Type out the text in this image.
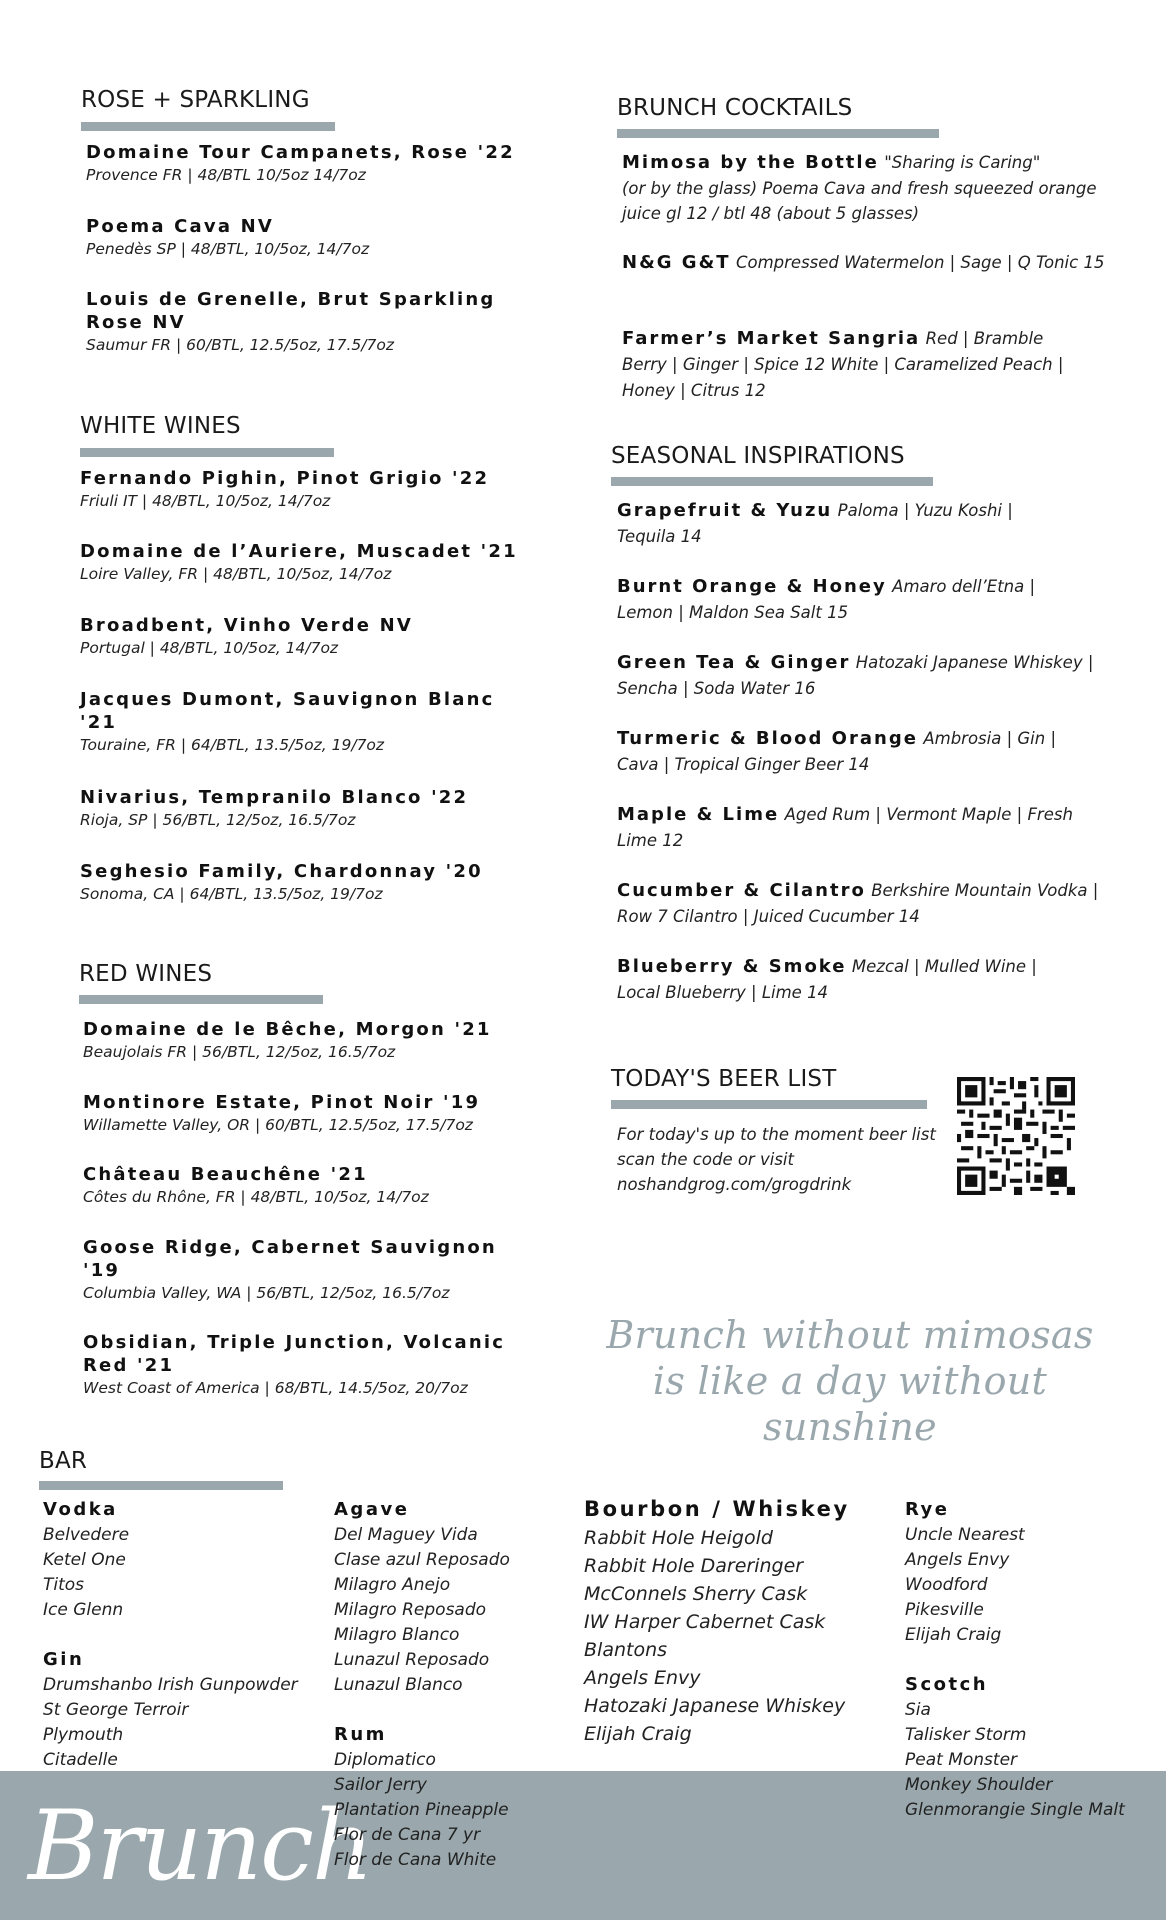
ROSE + SPARKLING
Domaine Tour Campanets, Rose '22
Provence FR | 48/BTL 10/5oz 14/7oz
Poema Cava NV
Penedès SP | 48/BTL, 10/5oz, 14/7oz
Louis de Grenelle, Brut Sparkling Rose NV
Saumur FR | 60/BTL, 12.5/5oz, 17.5/7oz
WHITE WINES
Fernando Pighin, Pinot Grigio '22
Friuli IT | 48/BTL, 10/5oz, 14/7oz
Domaine de l’Auriere, Muscadet '21
Loire Valley, FR | 48/BTL, 10/5oz, 14/7oz
Broadbent, Vinho Verde NV
Portugal | 48/BTL, 10/5oz, 14/7oz
Jacques Dumont, Sauvignon Blanc '21
Touraine, FR | 64/BTL, 13.5/5oz, 19/7oz
Nivarius, Tempranilo Blanco '22
Rioja, SP | 56/BTL, 12/5oz, 16.5/7oz
Seghesio Family, Chardonnay '20
Sonoma, CA | 64/BTL, 13.5/5oz, 19/7oz
RED WINES
Domaine de le Bêche, Morgon '21
Beaujolais FR | 56/BTL, 12/5oz, 16.5/7oz
Montinore Estate, Pinot Noir '19
Willamette Valley, OR | 60/BTL, 12.5/5oz, 17.5/7oz
Château Beauchêne '21
Côtes du Rhône, FR | 48/BTL, 10/5oz, 14/7oz
Goose Ridge, Cabernet Sauvignon '19
Columbia Valley, WA | 56/BTL, 12/5oz, 16.5/7oz
Obsidian, Triple Junction, Volcanic Red '21
West Coast of America | 68/BTL, 14.5/5oz, 20/7oz
BRUNCH COCKTAILS
Mimosa by the Bottle "Sharing is Caring"
(or by the glass) Poema Cava and fresh squeezed orange juice gl 12 / btl 48 (about 5 glasses)
N&G G&T Compressed Watermelon | Sage | Q Tonic 15
Farmer’s Market Sangria Red | Bramble Berry | Ginger | Spice 12 White | Caramelized Peach | Honey | Citrus 12
SEASONAL INSPIRATIONS
Grapefruit & Yuzu Paloma | Yuzu Koshi | Tequila 14
Burnt Orange & Honey Amaro dell’Etna | Lemon | Maldon Sea Salt 15
Green Tea & Ginger Hatozaki Japanese Whiskey | Sencha | Soda Water 16
Turmeric & Blood Orange Ambrosia | Gin | Cava | Tropical Ginger Beer 14
Maple & Lime Aged Rum | Vermont Maple | Fresh Lime 12
Cucumber & Cilantro Berkshire Mountain Vodka | Row 7 Cilantro | Juiced Cucumber 14
Blueberry & Smoke Mezcal | Mulled Wine | Local Blueberry | Lime 14
TODAY'S BEER LIST
For today's up to the moment beer list
scan the code or visit
noshandgrog.com/grogdrink
Brunch without mimosas
is like a day without sunshine
Brunch
BAR
Vodka
Belvedere
Ketel One
Titos
Ice Glenn
Gin
Drumshanbo Irish Gunpowder
St George Terroir
Plymouth
Citadelle
Agave
Del Maguey Vida
Clase azul Reposado
Milagro Anejo
Milagro Reposado
Milagro Blanco
Lunazul Reposado
Lunazul Blanco
Rum
Diplomatico
Sailor Jerry
Plantation Pineapple
Flor de Cana 7 yr
Flor de Cana White
Bourbon / Whiskey
Rabbit Hole Heigold
Rabbit Hole Dareringer
McConnels Sherry Cask
IW Harper Cabernet Cask
Blantons
Angels Envy
Hatozaki Japanese Whiskey
Elijah Craig
Rye
Uncle Nearest
Angels Envy
Woodford
Pikesville
Elijah Craig
Scotch
Sia
Talisker Storm
Peat Monster
Monkey Shoulder
Glenmorangie Single Malt
